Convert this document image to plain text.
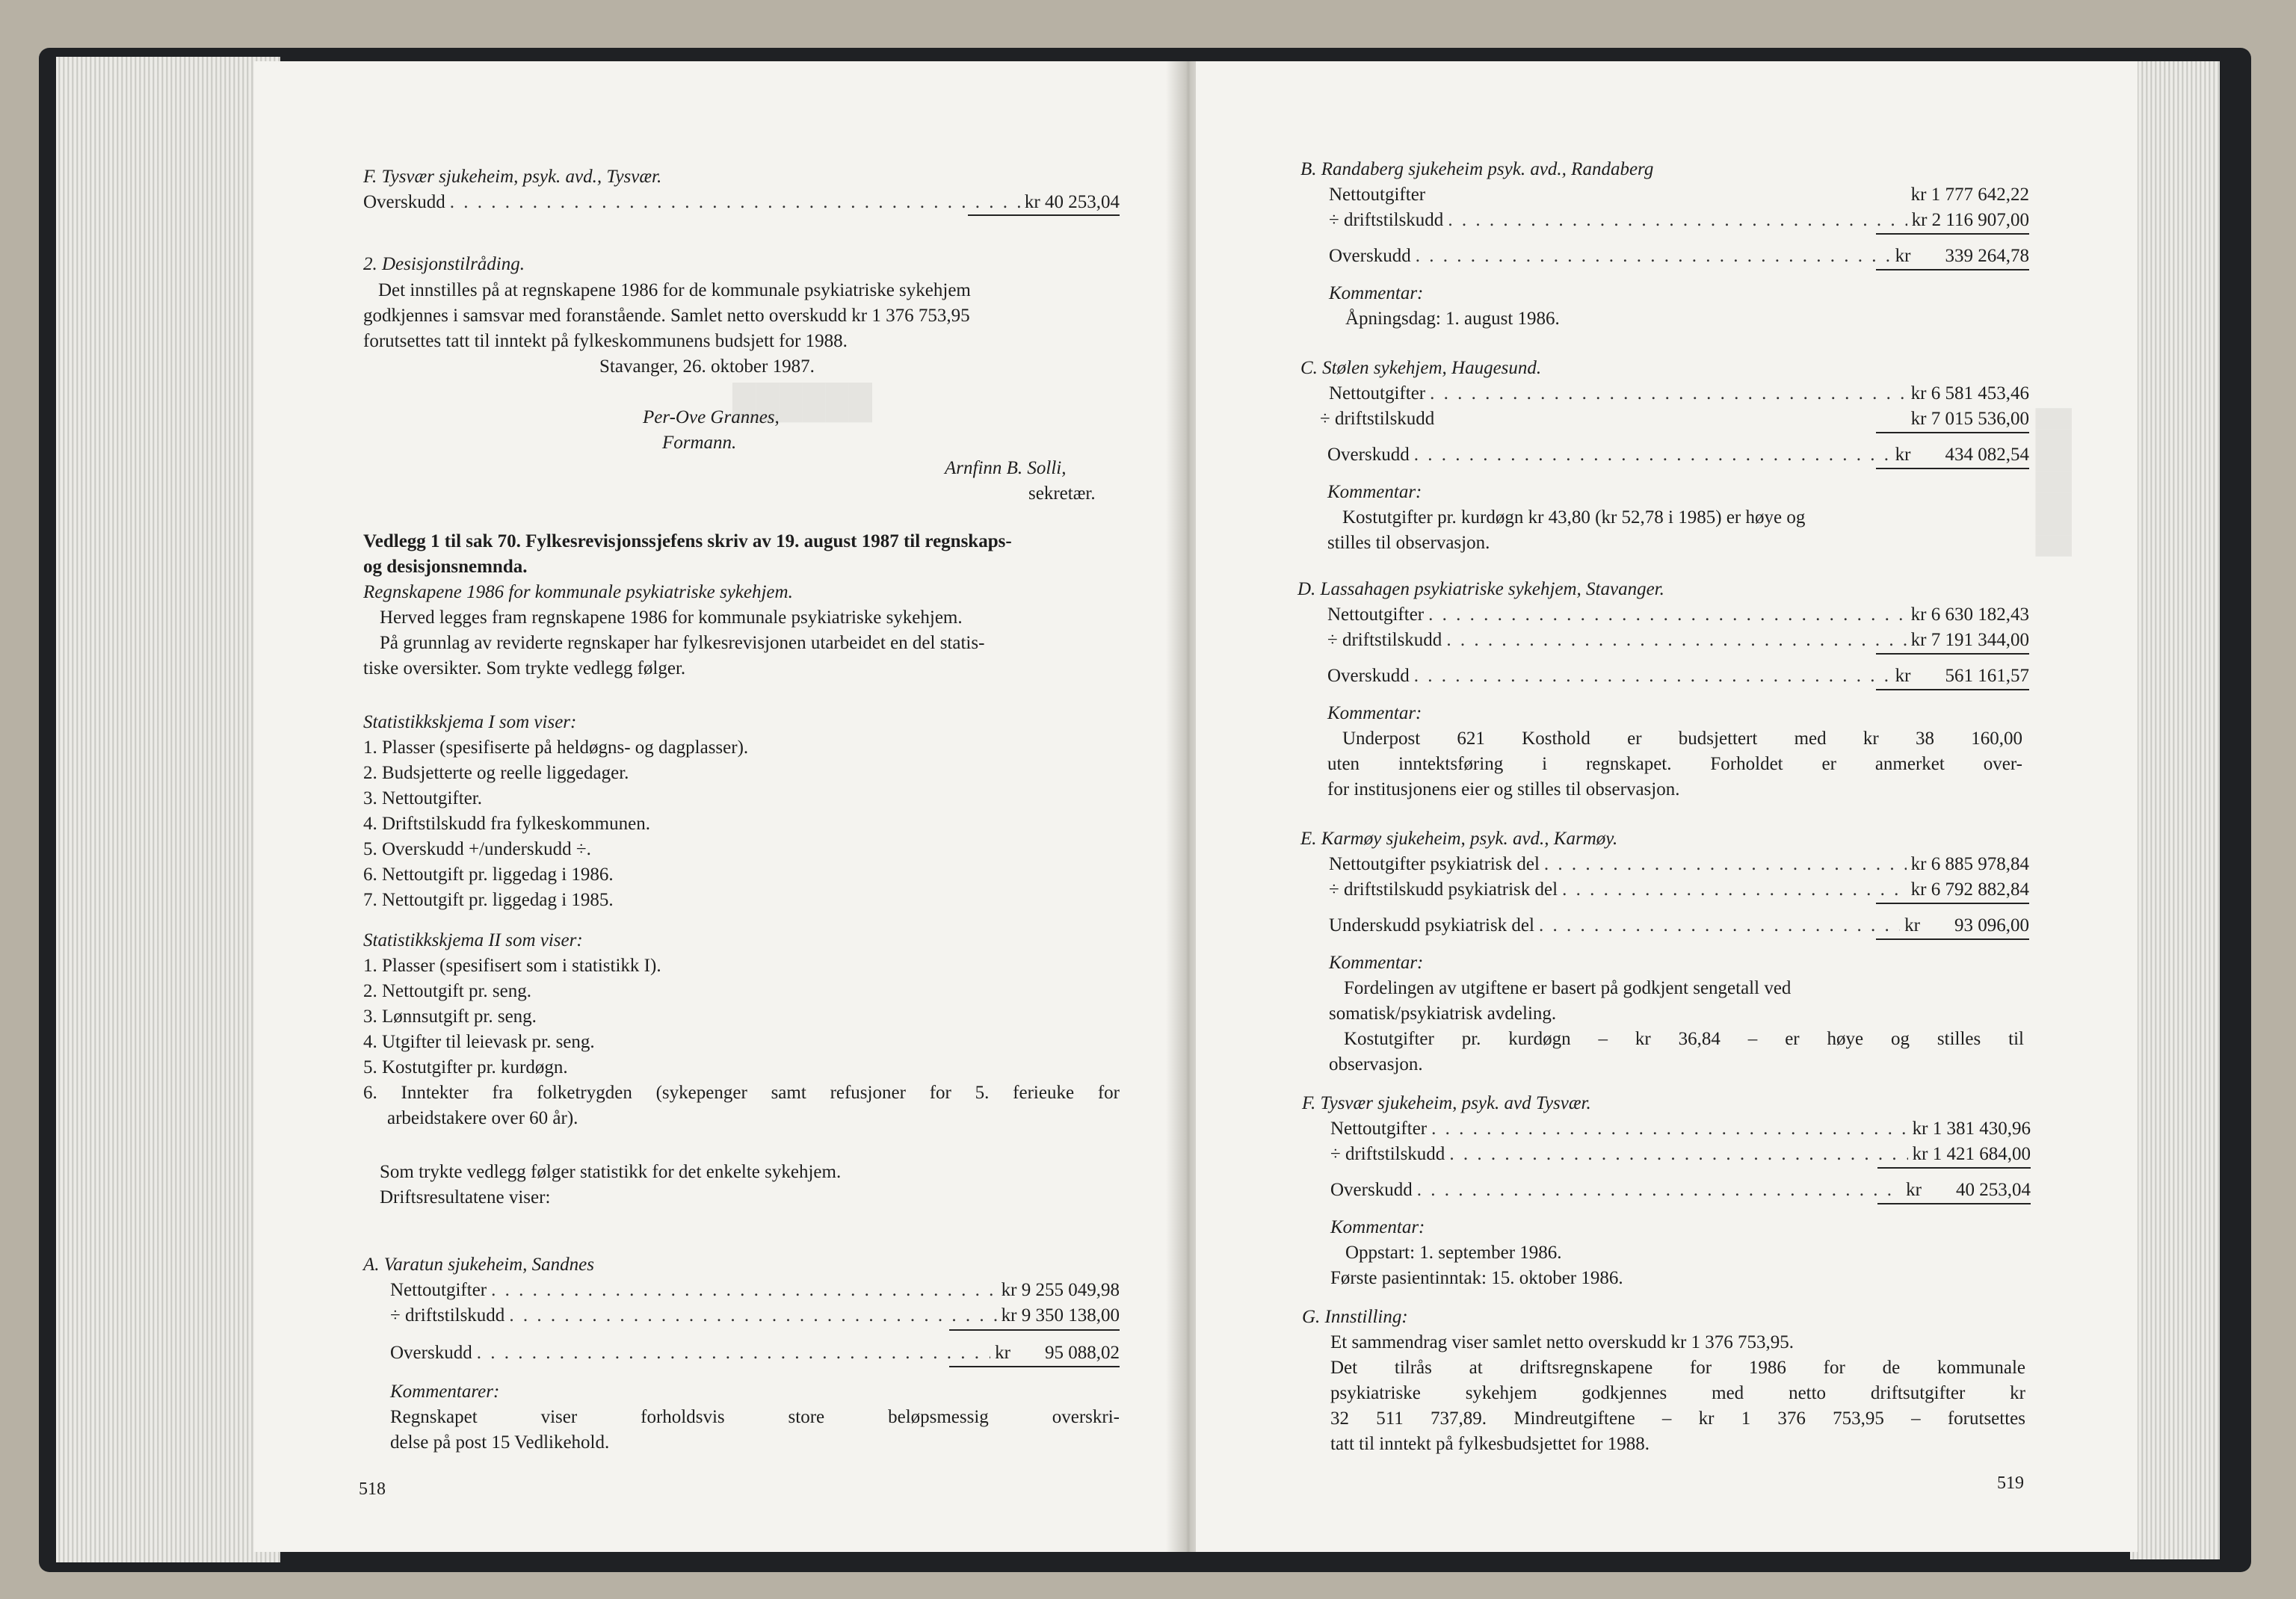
██████
F. Tysvær sjukeheim, psyk. avd., Tysvær.
Overskudd . . .	kr 40 253,04
2. Desisjonstilråding.
Det innstilles på at regnskapene 1986 for de kommunale psykiatriske sykehjem
godkjennes i samsvar med foranstående. Samlet netto overskudd kr 1 376 753,95
forutsettes tatt til inntekt på fylkeskommunens budsjett for 1988.
Stavanger, 26. oktober 1987.
Per-Ove Grannes,
Formann.
Arnfinn B. Solli,
sekretær.
Vedlegg 1 til sak 70. Fylkesrevisjonssjefens skriv av 19. august 1987 til regnskaps-
og desisjonsnemnda.
Regnskapene 1986 for kommunale psykiatriske sykehjem.
Herved legges fram regnskapene 1986 for kommunale psykiatriske sykehjem.
På grunnlag av reviderte regnskaper har fylkesrevisjonen utarbeidet en del statis-
tiske oversikter. Som trykte vedlegg følger.
Statistikkskjema I som viser:
1. Plasser (spesifiserte på heldøgns- og dagplasser).
2. Budsjetterte og reelle liggedager.
3. Nettoutgifter.
4. Driftstilskudd fra fylkeskommunen.
5. Overskudd +/underskudd ÷.
6. Nettoutgift pr. liggedag i 1986.
7. Nettoutgift pr. liggedag i 1985.
Statistikkskjema II som viser:
1. Plasser (spesifisert som i statistikk I).
2. Nettoutgift pr. seng.
3. Lønnsutgift pr. seng.
4. Utgifter til leievask pr. seng.
5. Kostutgifter pr. kurdøgn.
6. Inntekter fra folketrygden (sykepenger samt refusjoner for 5. ferieuke for
arbeidstakere over 60 år).
Som trykte vedlegg følger statistikk for det enkelte sykehjem.
Driftsresultatene viser:
A. Varatun sjukeheim, Sandnes
Nettoutgifter . . .	kr 9 255 049,98
÷ driftstilskudd . . .	kr 9 350 138,00
Overskudd . . .	kr 95 088,02
Kommentarer:
Regnskapet viser forholdsvis store beløpsmessig overskri-
delse på post 15 Vedlikehold.
518
███████
B. Randaberg sjukeheim psyk. avd., Randaberg
Nettoutgifter	kr 1 777 642,22
÷ driftstilskudd . . .	kr 2 116 907,00
Overskudd . . .	kr 339 264,78
Kommentar:
Åpningsdag: 1. august 1986.
C. Stølen sykehjem, Haugesund.
Nettoutgifter . . .	kr 6 581 453,46
÷ driftstilskudd	kr 7 015 536,00
Overskudd . . .	kr 434 082,54
Kommentar:
Kostutgifter pr. kurdøgn kr 43,80 (kr 52,78 i 1985) er høye og
stilles til observasjon.
D. Lassahagen psykiatriske sykehjem, Stavanger.
Nettoutgifter . . .	kr 6 630 182,43
÷ driftstilskudd . . .	kr 7 191 344,00
Overskudd . . .	kr 561 161,57
Kommentar:
Underpost 621 Kosthold er budsjettert med kr 38 160,00
uten inntektsføring i regnskapet. Forholdet er anmerket over-
for institusjonens eier og stilles til observasjon.
E. Karmøy sjukeheim, psyk. avd., Karmøy.
Nettoutgifter psykiatrisk del . . .	kr 6 885 978,84
÷ driftstilskudd psykiatrisk del . . .	kr 6 792 882,84
Underskudd psykiatrisk del . . .	kr 93 096,00
Kommentar:
Fordelingen av utgiftene er basert på godkjent sengetall ved
somatisk/psykiatrisk avdeling.
Kostutgifter pr. kurdøgn – kr 36,84 – er høye og stilles til
observasjon.
F. Tysvær sjukeheim, psyk. avd Tysvær.
Nettoutgifter . . .	kr 1 381 430,96
÷ driftstilskudd . . .	kr 1 421 684,00
Overskudd . . .	kr 40 253,04
Kommentar:
Oppstart: 1. september 1986.
Første pasientinntak: 15. oktober 1986.
G. Innstilling:
Et sammendrag viser samlet netto overskudd kr 1 376 753,95.
Det tilrås at driftsregnskapene for 1986 for de kommunale
psykiatriske sykehjem godkjennes med netto driftsutgifter kr
32 511 737,89. Mindreutgiftene – kr 1 376 753,95 – forutsettes
tatt til inntekt på fylkesbudsjettet for 1988.
519
